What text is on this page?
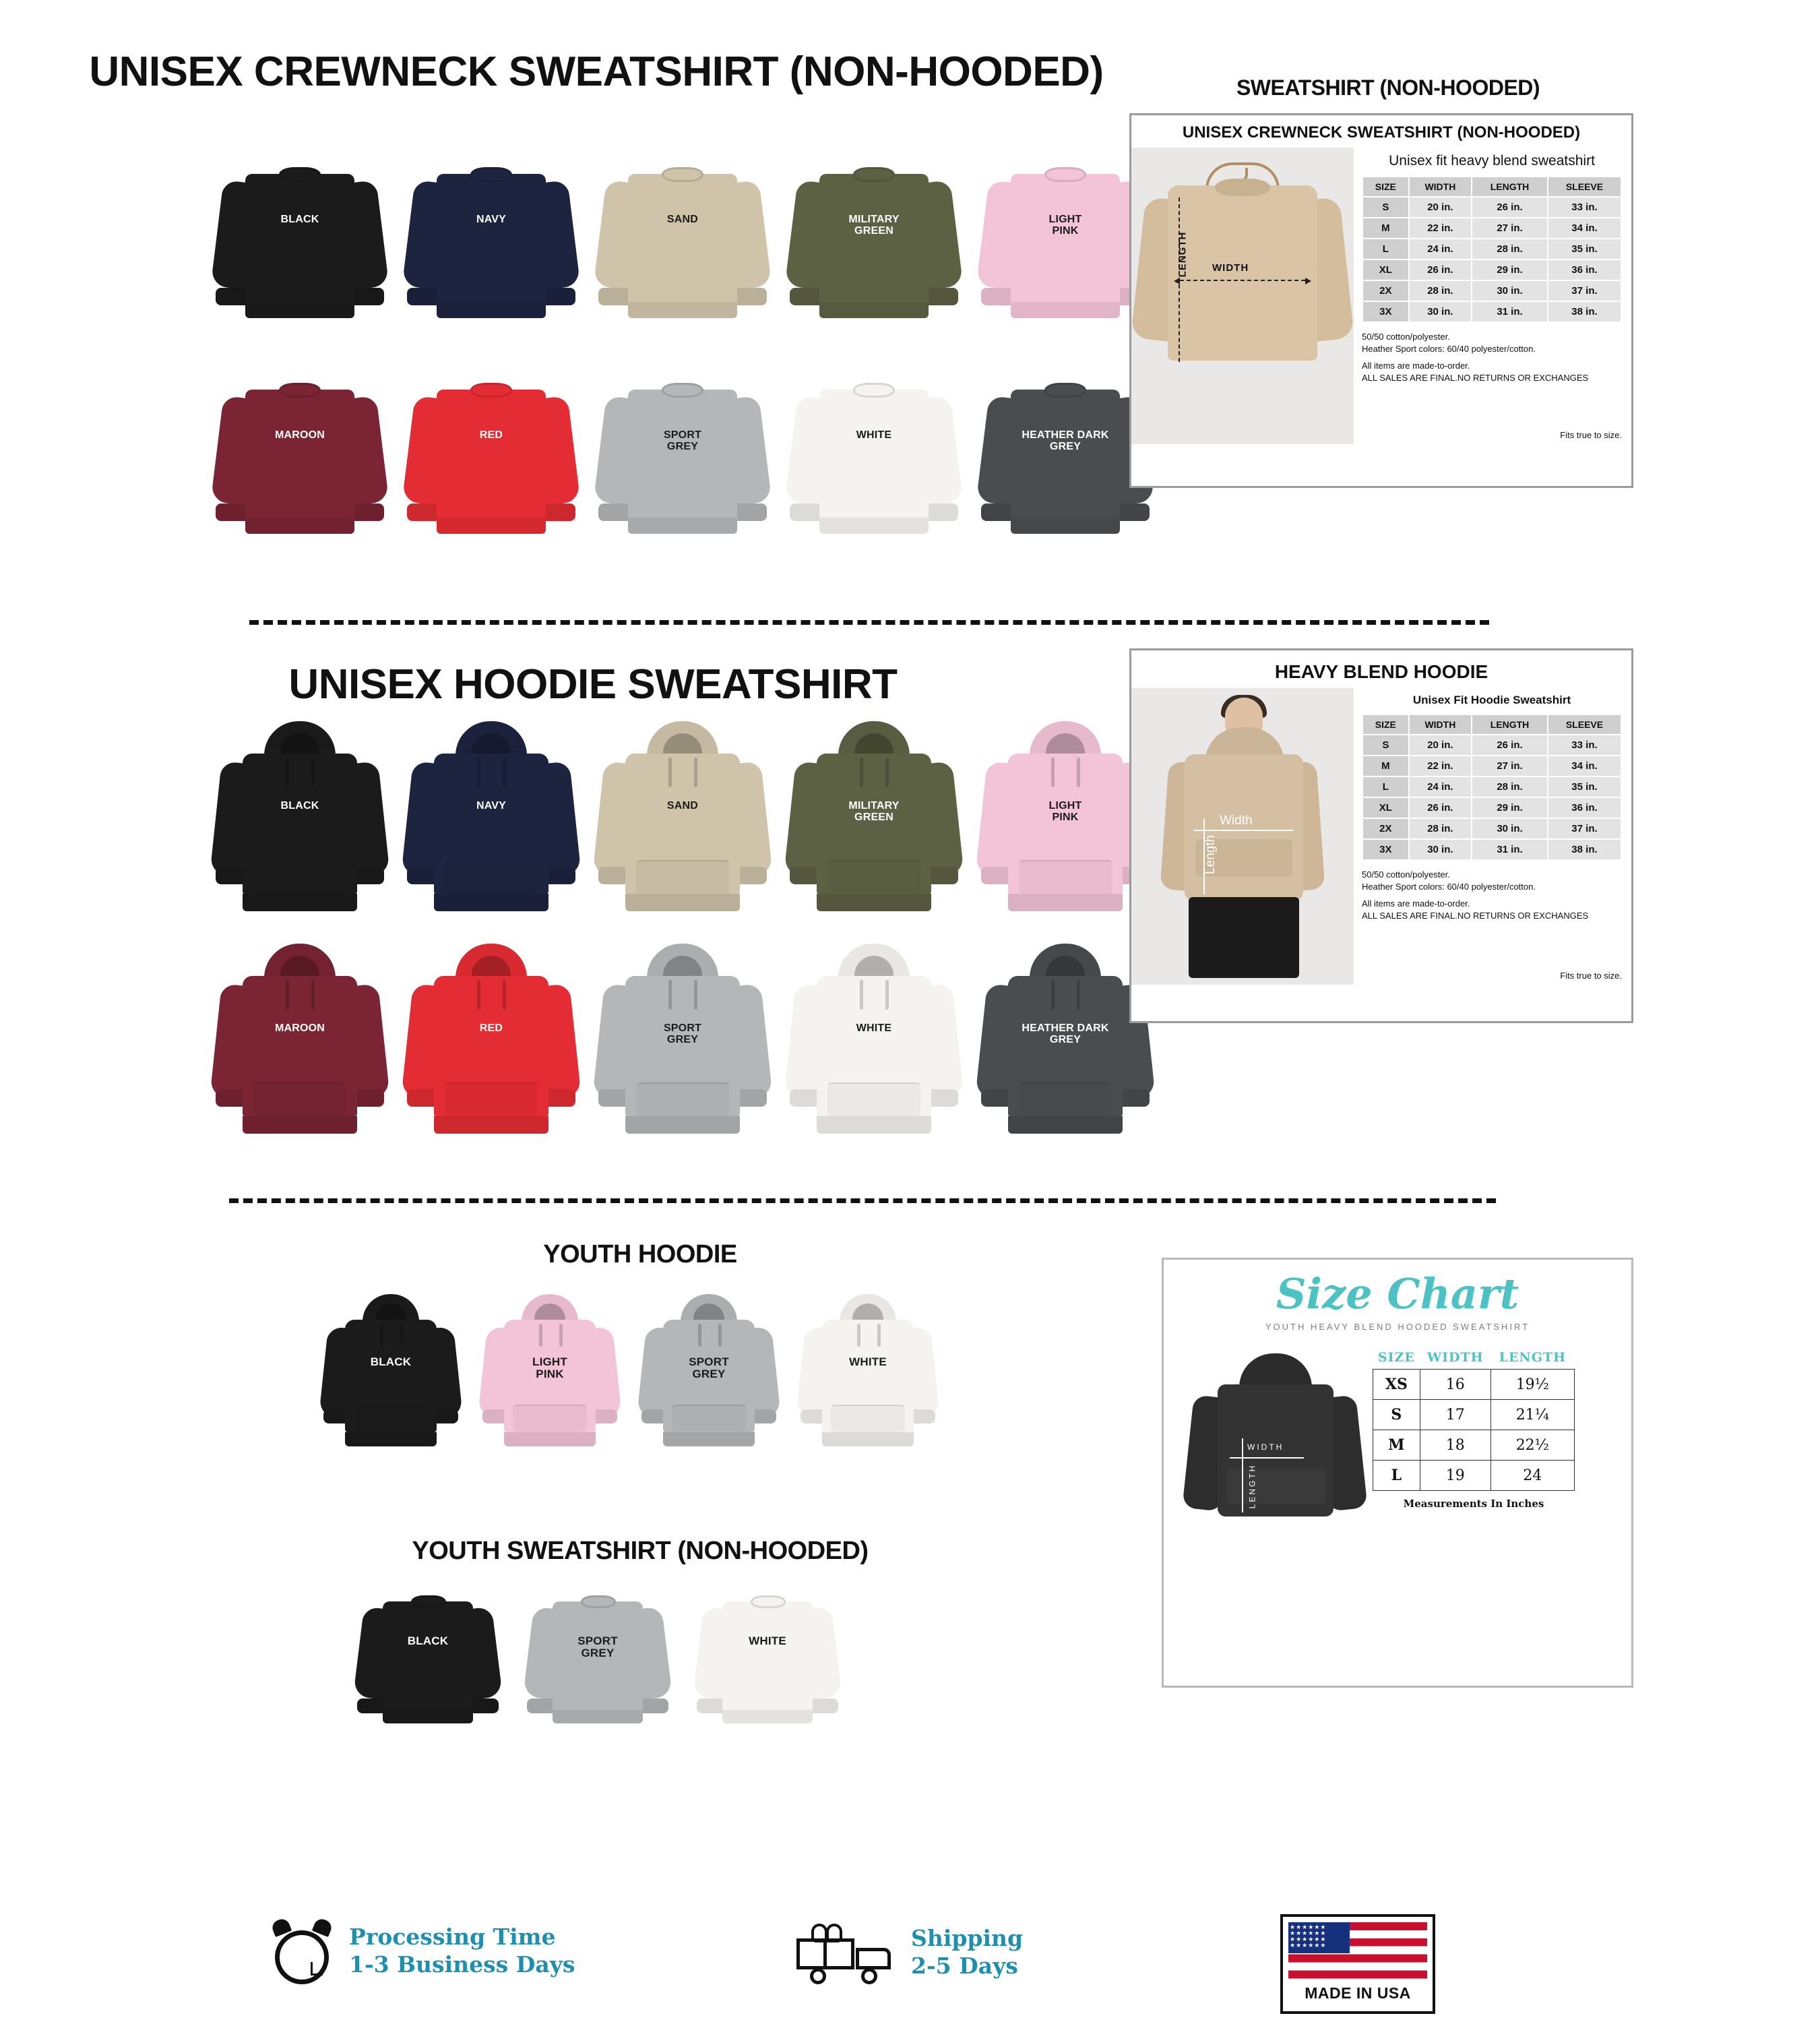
UNISEX CREWNECK SWEATSHIRT (NON-HOODED)
BLACK	NAVY	SAND	MILITARY
GREEN
LIGHT
PINK
MAROON	RED	SPORT
GREY
WHITE	HEATHER DARK
GREY
SWEATSHIRT (NON-HOODED)
UNISEX CREWNECK SWEATSHIRT (NON-HOODED)
WIDTH
LENGTH
Unisex fit heavy blend sweatshirt
SIZE	WIDTH	LENGTH	SLEEVE
S	20 in.	26 in.	33 in.
M	22 in.	27 in.	34 in.
L	24 in.	28 in.	35 in.
XL	26 in.	29 in.	36 in.
2X	28 in.	30 in.	37 in.
3X	30 in.	31 in.	38 in.
50/50 cotton/polyester.
Heather Sport colors: 60/40 polyester/cotton.
All items are made-to-order.
ALL SALES ARE FINAL.NO RETURNS OR EXCHANGES
Fits true to size.
UNISEX HOODIE SWEATSHIRT
BLACK	NAVY	SAND	MILITARY
GREEN
LIGHT
PINK
MAROON	RED	SPORT
GREY
WHITE	HEATHER DARK
GREY
HEAVY BLEND HOODIE
Width
Length
Unisex Fit Hoodie Sweatshirt
SIZE	WIDTH	LENGTH	SLEEVE
S	20 in.	26 in.	33 in.
M	22 in.	27 in.	34 in.
L	24 in.	28 in.	35 in.
XL	26 in.	29 in.	36 in.
2X	28 in.	30 in.	37 in.
3X	30 in.	31 in.	38 in.
50/50 cotton/polyester.
Heather Sport colors: 60/40 polyester/cotton.
All items are made-to-order.
ALL SALES ARE FINAL.NO RETURNS OR EXCHANGES
Fits true to size.
YOUTH HOODIE
BLACK	LIGHT
PINK
SPORT
GREY
WHITE
YOUTH SWEATSHIRT (NON-HOODED)
BLACK	SPORT
GREY
WHITE
Size Chart
YOUTH HEAVY BLEND HOODED SWEATSHIRT
WIDTH
LENGTH
SIZE	WIDTH	LENGTH
XS	16	19½
S	17	21¼
M	18	22½
L	19	24
Measurements In Inches
Processing Time
1-3 Business Days
Shipping
2-5 Days
★★★★★★
★★★★★★
★★★★★★
★★★★★★
MADE IN USA
